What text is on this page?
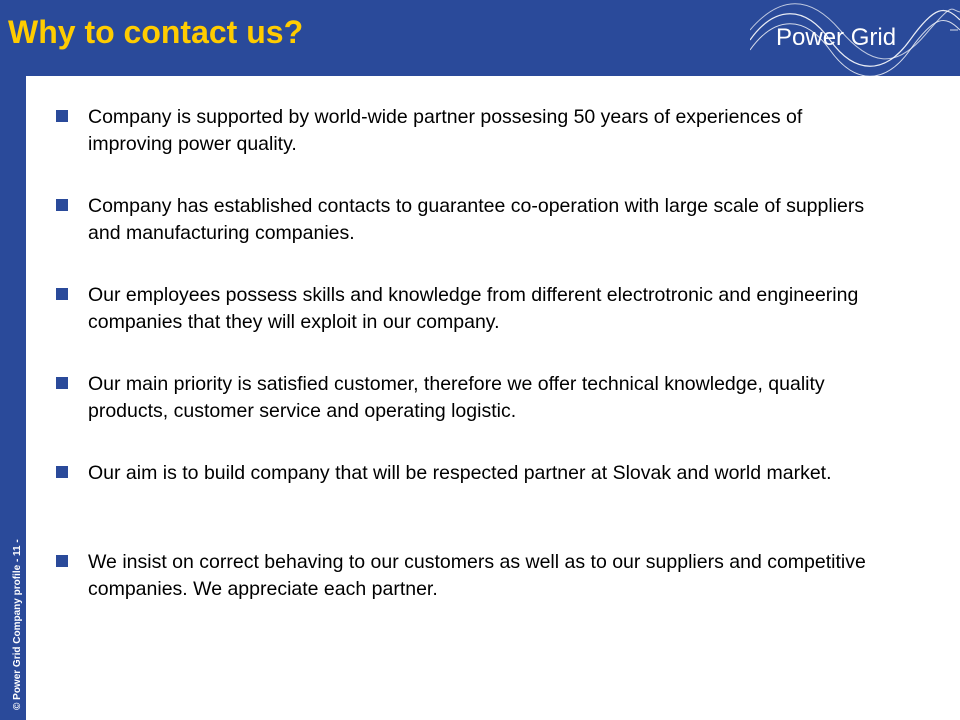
Why to contact us?	Power Grid
© Power Grid Company profile - 11 -
Company is supported by world-wide partner possesing 50 years of experiences of improving power quality.
Company has established contacts to guarantee co-operation with large scale of suppliers and manufacturing companies.
Our employees possess skills and knowledge from different electrotronic and engineering companies that they will exploit in our company.
Our main priority is satisfied customer, therefore we offer technical knowledge, quality products, customer service and operating logistic.
Our aim is to build company that will be respected partner at Slovak and world market.
We insist on correct behaving to our customers as well as to our suppliers and competitive companies. We appreciate each partner.
